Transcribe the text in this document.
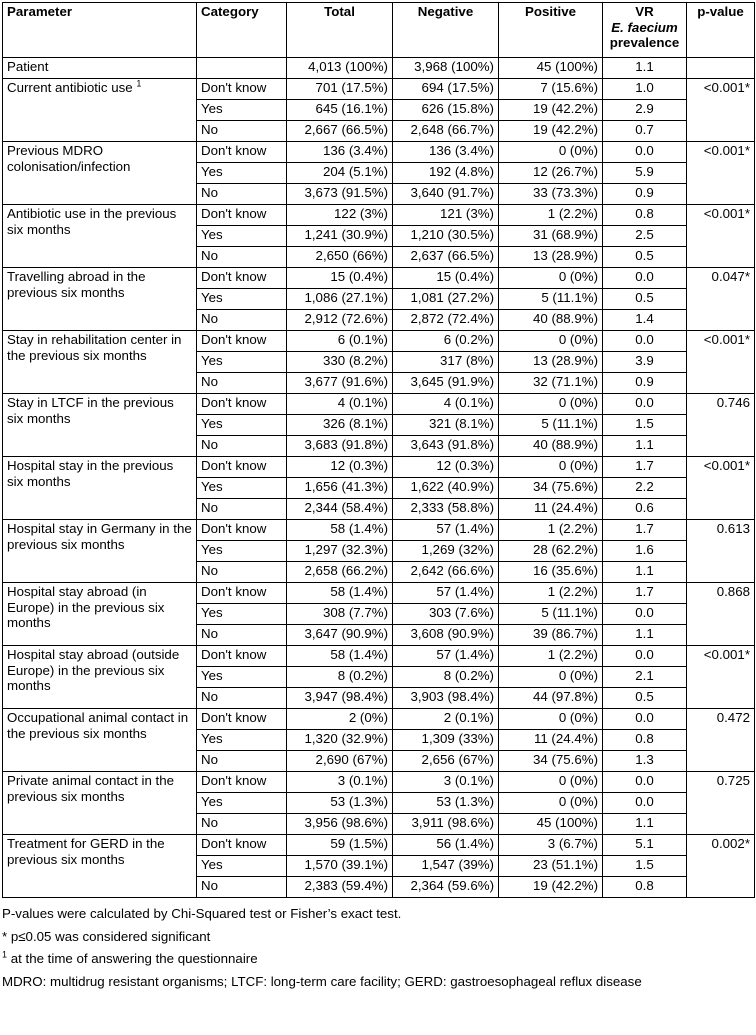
Parameter	Category	Total	Negative	Positive	VR
E. faecium
prevalence	p-value
Patient		4,013 (100%)	3,968 (100%)	45 (100%)	1.1	
Current antibiotic use $^1$	Don't know	701 (17.5%)	694 (17.5%)	7 (15.6%)	1.0	<0.001*
	Yes	645 (16.1%)	626 (15.8%)	19 (42.2%)	2.9	
	No	2,667 (66.5%)	2,648 (66.7%)	19 (42.2%)	0.7	
Previous MDRO colonisation/infection	Don't know	136 (3.4%)	136 (3.4%)	0 (0%)	0.0	<0.001*
	Yes	204 (5.1%)	192 (4.8%)	12 (26.7%)	5.9	
	No	3,673 (91.5%)	3,640 (91.7%)	33 (73.3%)	0.9	
Antibiotic use in the previous six months	Don't know	122 (3%)	121 (3%)	1 (2.2%)	0.8	<0.001*
	Yes	1,241 (30.9%)	1,210 (30.5%)	31 (68.9%)	2.5	
	No	2,650 (66%)	2,637 (66.5%)	13 (28.9%)	0.5	
Travelling abroad in the previous six months	Don't know	15 (0.4%)	15 (0.4%)	0 (0%)	0.0	0.047*
	Yes	1,086 (27.1%)	1,081 (27.2%)	5 (11.1%)	0.5	
	No	2,912 (72.6%)	2,872 (72.4%)	40 (88.9%)	1.4	
Stay in rehabilitation center in the previous six months	Don't know	6 (0.1%)	6 (0.2%)	0 (0%)	0.0	<0.001*
	Yes	330 (8.2%)	317 (8%)	13 (28.9%)	3.9	
	No	3,677 (91.6%)	3,645 (91.9%)	32 (71.1%)	0.9	
Stay in LTCF in the previous six months	Don't know	4 (0.1%)	4 (0.1%)	0 (0%)	0.0	0.746
	Yes	326 (8.1%)	321 (8.1%)	5 (11.1%)	1.5	
	No	3,683 (91.8%)	3,643 (91.8%)	40 (88.9%)	1.1	
Hospital stay in the previous six months	Don't know	12 (0.3%)	12 (0.3%)	0 (0%)	1.7	<0.001*
	Yes	1,656 (41.3%)	1,622 (40.9%)	34 (75.6%)	2.2	
	No	2,344 (58.4%)	2,333 (58.8%)	11 (24.4%)	0.6	
Hospital stay in Germany in the previous six months	Don't know	58 (1.4%)	57 (1.4%)	1 (2.2%)	1.7	0.613
	Yes	1,297 (32.3%)	1,269 (32%)	28 (62.2%)	1.6	
	No	2,658 (66.2%)	2,642 (66.6%)	16 (35.6%)	1.1	
Hospital stay abroad (in Europe) in the previous six months	Don't know	58 (1.4%)	57 (1.4%)	1 (2.2%)	1.7	0.868
	Yes	308 (7.7%)	303 (7.6%)	5 (11.1%)	0.0	
	No	3,647 (90.9%)	3,608 (90.9%)	39 (86.7%)	1.1	
Hospital stay abroad (outside Europe) in the previous six months	Don't know	58 (1.4%)	57 (1.4%)	1 (2.2%)	0.0	<0.001*
	Yes	8 (0.2%)	8 (0.2%)	0 (0%)	2.1	
	No	3,947 (98.4%)	3,903 (98.4%)	44 (97.8%)	0.5	
Occupational animal contact in the previous six months	Don't know	2 (0%)	2 (0.1%)	0 (0%)	0.0	0.472
	Yes	1,320 (32.9%)	1,309 (33%)	11 (24.4%)	0.8	
	No	2,690 (67%)	2,656 (67%)	34 (75.6%)	1.3	
Private animal contact in the previous six months	Don't know	3 (0.1%)	3 (0.1%)	0 (0%)	0.0	0.725
	Yes	53 (1.3%)	53 (1.3%)	0 (0%)	0.0	
	No	3,956 (98.6%)	3,911 (98.6%)	45 (100%)	1.1	
Treatment for GERD in the previous six months	Don't know	59 (1.5%)	56 (1.4%)	3 (6.7%)	5.1	0.002*
	Yes	1,570 (39.1%)	1,547 (39%)	23 (51.1%)	1.5	
	No	2,383 (59.4%)	2,364 (59.6%)	19 (42.2%)	0.8	
P-values were calculated by Chi-Squared test or Fisher’s exact test.
* p≤0.05 was considered significant
$^1$ at the time of answering the questionnaire
MDRO: multidrug resistant organisms; LTCF: long-term care facility; GERD: gastroesophageal reflux disease
